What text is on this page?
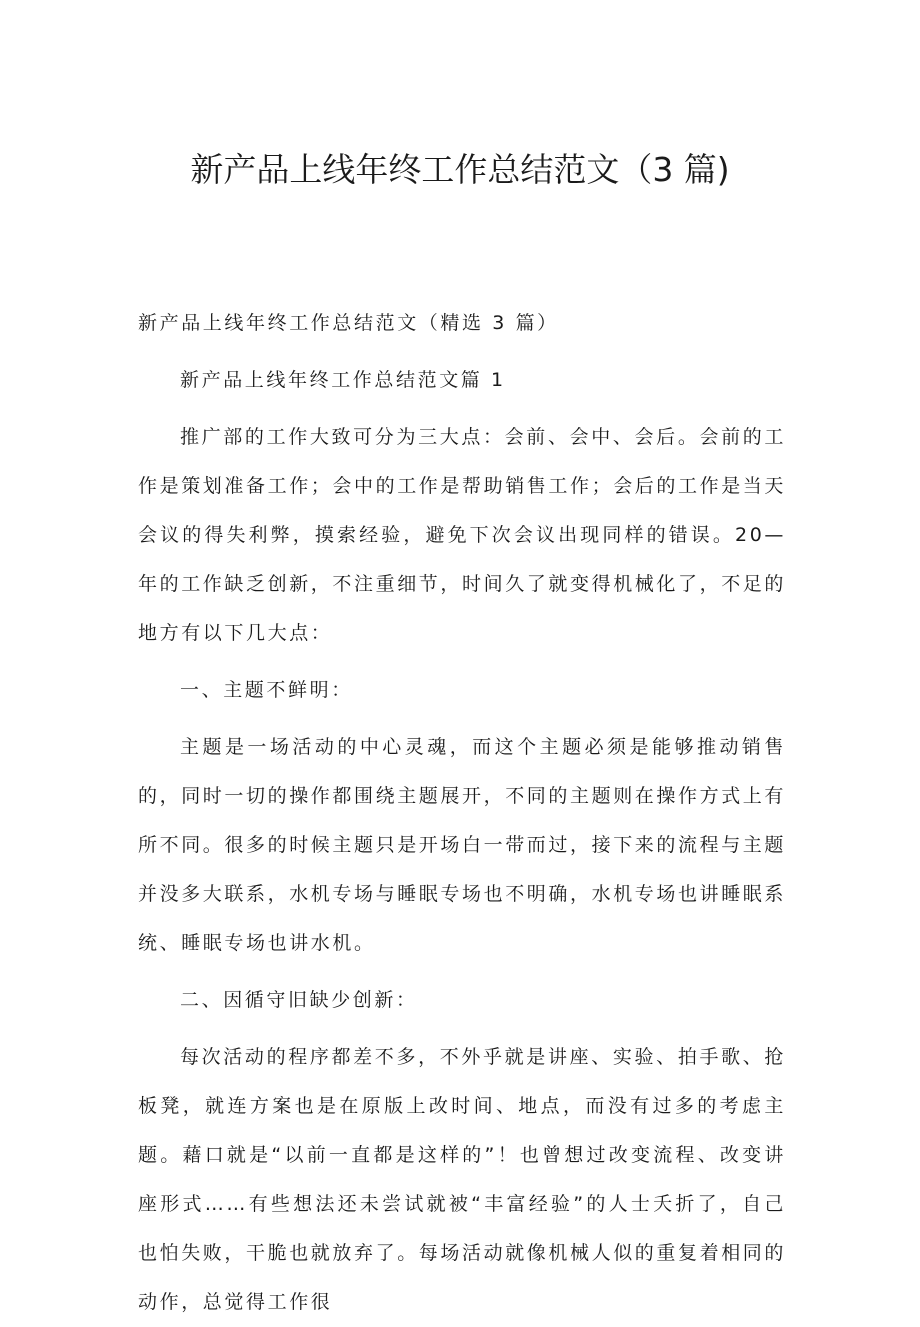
新产品上线年终工作总结范文（3 篇)

新产品上线年终工作总结范文（精选 3 篇）

新产品上线年终工作总结范文篇 1

推广部的工作大致可分为三大点：会前、会中、会后。会前的工作是策划准备工作；会中的工作是帮助销售工作；会后的工作是当天会议的得失利弊，摸索经验，避免下次会议出现同样的错误。20—年的工作缺乏创新，不注重细节，时间久了就变得机械化了，不足的地方有以下几大点：

一、主题不鲜明：

主题是一场活动的中心灵魂，而这个主题必须是能够推动销售的，同时一切的操作都围绕主题展开，不同的主题则在操作方式上有所不同。很多的时候主题只是开场白一带而过，接下来的流程与主题并没多大联系，水机专场与睡眠专场也不明确，水机专场也讲睡眠系统、睡眠专场也讲水机。

二、因循守旧缺少创新：

每次活动的程序都差不多，不外乎就是讲座、实验、拍手歌、抢板凳，就连方案也是在原版上改时间、地点，而没有过多的考虑主题。藉口就是“以前一直都是这样的”！也曾想过改变流程、改变讲座形式……有些想法还未尝试就被“丰富经验”的人士夭折了，自己也怕失败，干脆也就放弃了。每场活动就像机械人似的重复着相同的动作，总觉得工作很
